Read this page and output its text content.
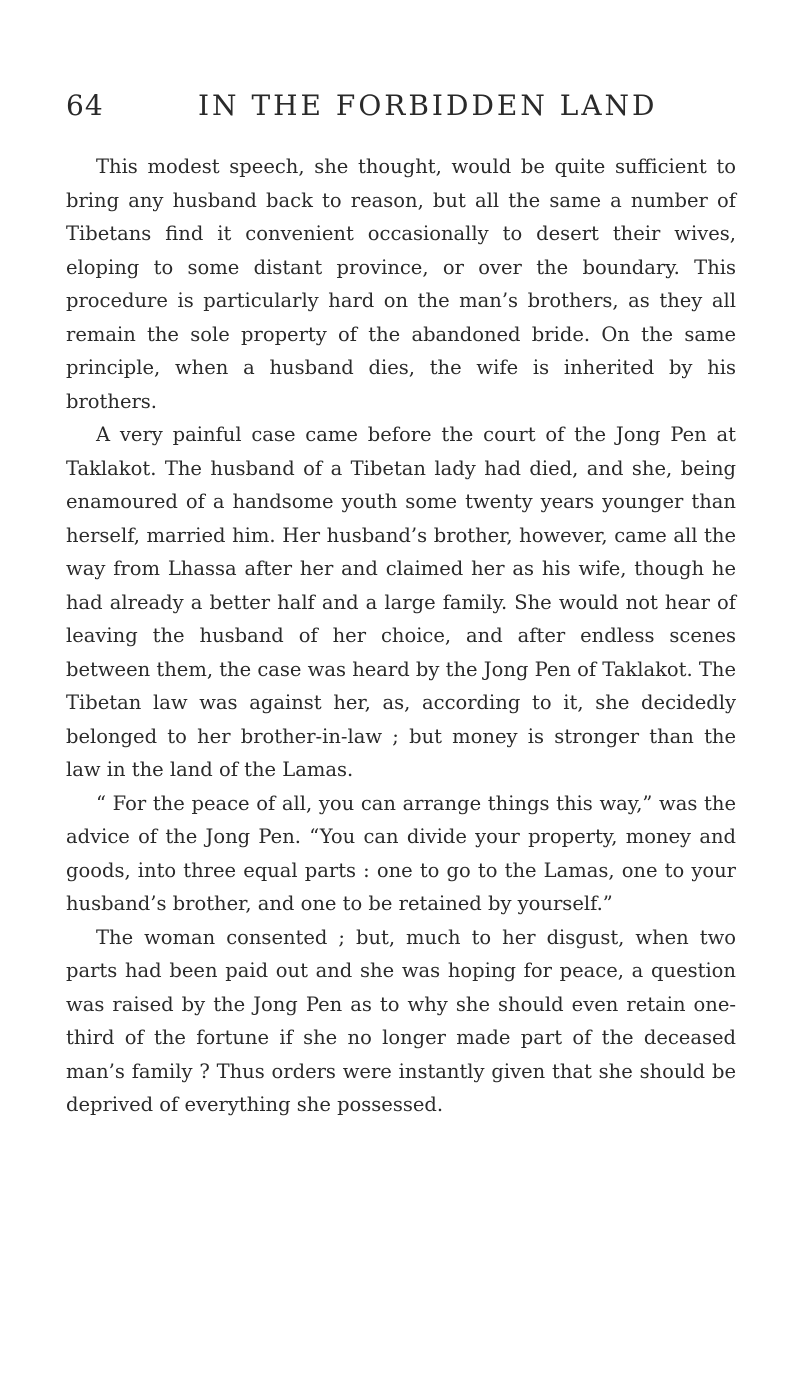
64	IN THE FORBIDDEN LAND

This modest speech, she thought, would be quite sufficient to bring any husband back to reason, but all the same a number of Tibetans find it convenient occasionally to desert their wives, eloping to some distant province, or over the boundary. This procedure is particularly hard on the man’s brothers, as they all remain the sole property of the abandoned bride. On the same principle, when a husband dies, the wife is inherited by his brothers.

A very painful case came before the court of the Jong Pen at Taklakot. The husband of a Tibetan lady had died, and she, being enamoured of a handsome youth some twenty years younger than herself, married him. Her husband’s brother, however, came all the way from Lhassa after her and claimed her as his wife, though he had already a better half and a large family. She would not hear of leaving the husband of her choice, and after endless scenes between them, the case was heard by the Jong Pen of Taklakot. The Tibetan law was against her, as, according to it, she decidedly belonged to her brother-in-law ; but money is stronger than the law in the land of the Lamas.

“ For the peace of all, you can arrange things this way,” was the advice of the Jong Pen. “You can divide your property, money and goods, into three equal parts : one to go to the Lamas, one to your husband’s brother, and one to be retained by yourself.”

The woman consented ; but, much to her disgust, when two parts had been paid out and she was hoping for peace, a question was raised by the Jong Pen as to why she should even retain one-third of the fortune if she no longer made part of the deceased man’s family ? Thus orders were instantly given that she should be deprived of everything she possessed.
